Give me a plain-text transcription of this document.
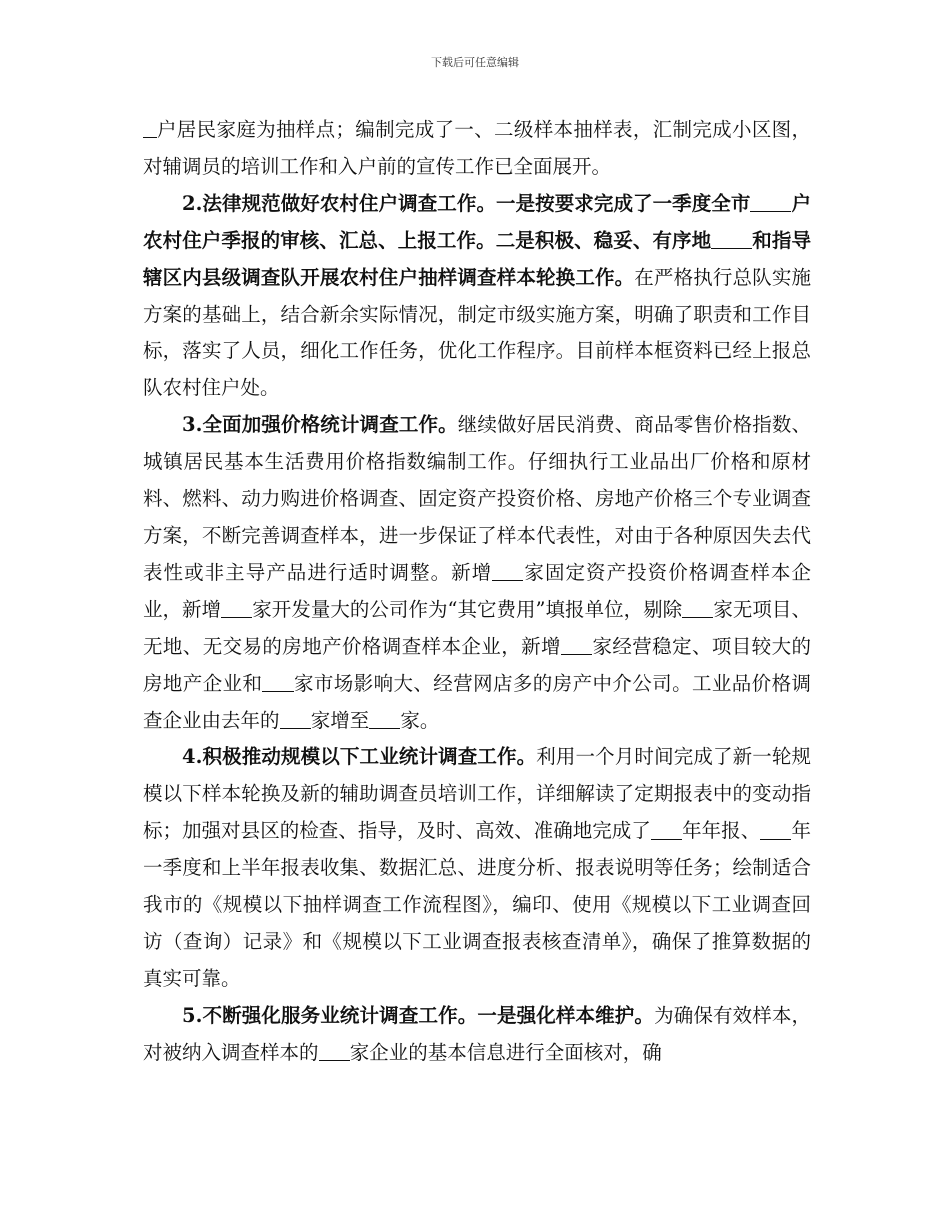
下载后可任意编辑

户居民家庭为抽样点；编制完成了一、二级样本抽样表，汇制完成小区图，对辅调员的培训工作和入户前的宣传工作已全面展开。

2.法律规范做好农村住户调查工作。一是按要求完成了一季度全市 户农村住户季报的审核、汇总、上报工作。二是积极、稳妥、有序地 和指导辖区内县级调查队开展农村住户抽样调查样本轮换工作。在严格执行总队实施方案的基础上，结合新余实际情况，制定市级实施方案，明确了职责和工作目标，落实了人员，细化工作任务，优化工作程序。目前样本框资料已经上报总队农村住户处。

3.全面加强价格统计调查工作。继续做好居民消费、商品零售价格指数、城镇居民基本生活费用价格指数编制工作。仔细执行工业品出厂价格和原材料、燃料、动力购进价格调查、固定资产投资价格、房地产价格三个专业调查方案，不断完善调查样本，进一步保证了样本代表性，对由于各种原因失去代表性或非主导产品进行适时调整。新增 家固定资产投资价格调查样本企业，新增 家开发量大的公司作为“其它费用”填报单位，剔除 家无项目、无地、无交易的房地产价格调查样本企业，新增 家经营稳定、项目较大的房地产企业和 家市场影响大、经营网店多的房产中介公司。工业品价格调查企业由去年的 家增至 家。

4.积极推动规模以下工业统计调查工作。利用一个月时间完成了新一轮规模以下样本轮换及新的辅助调查员培训工作，详细解读了定期报表中的变动指标；加强对县区的检查、指导，及时、高效、准确地完成了 年年报、 年一季度和上半年报表收集、数据汇总、进度分析、报表说明等任务；绘制适合我市的《规模以下抽样调查工作流程图》，编印、使用《规模以下工业调查回访（查询）记录》和《规模以下工业调查报表核查清单》，确保了推算数据的真实可靠。

5.不断强化服务业统计调查工作。一是强化样本维护。为确保有效样本，对被纳入调查样本的 家企业的基本信息进行全面核对，确
